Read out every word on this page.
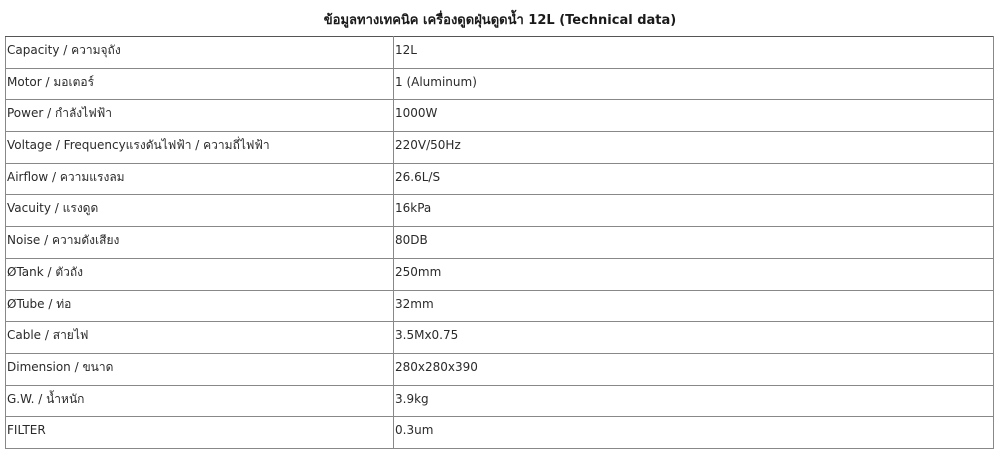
ข้อมูลทางเทคนิค เครื่องดูดฝุ่นดูดน้ำ 12L (Technical data)
Capacity / ความจุถัง	12L
Motor / มอเตอร์	1 (Aluminum)
Power / กำลังไฟฟ้า	1000W
Voltage / Frequencyแรงดันไฟฟ้า / ความถี่ไฟฟ้า	220V/50Hz
Airflow / ความแรงลม	26.6L/S
Vacuity / แรงดูด	16kPa
Noise / ความดังเสียง	80DB
ØTank / ตัวถัง	250mm
ØTube / ท่อ	32mm
Cable / สายไฟ	3.5Mx0.75
Dimension / ขนาด	280x280x390
G.W. / น้ำหนัก	3.9kg
FILTER	0.3um
